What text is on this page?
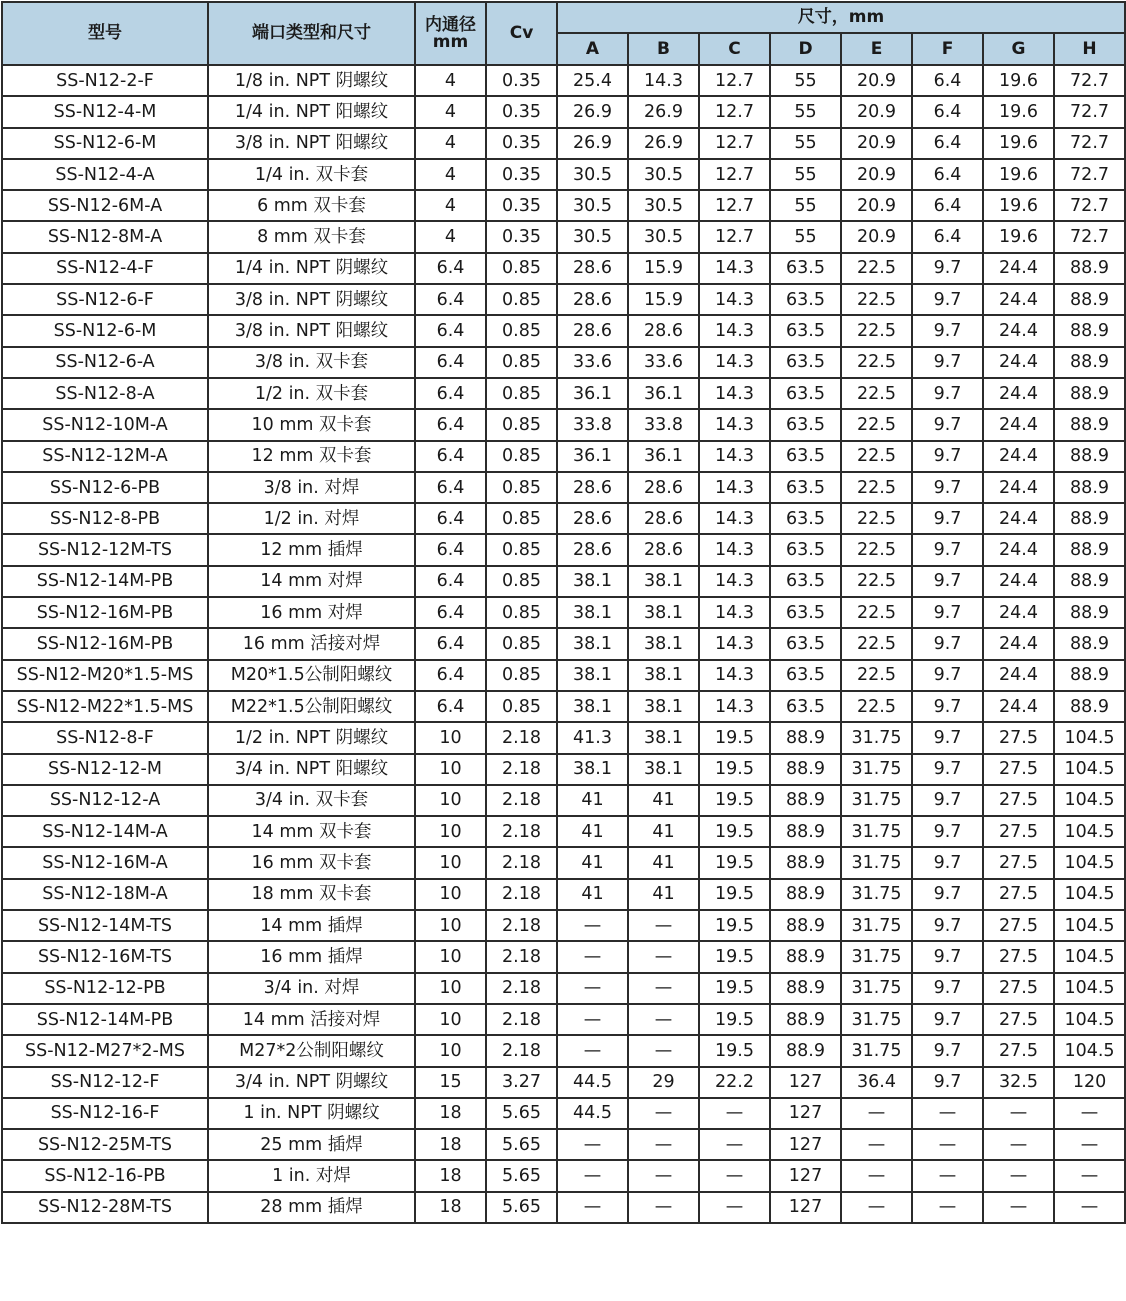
型号	端口类型和尺寸	内通径
mm	Cv	尺寸，mm							
				A	B	C	D	E	F	G	H
SS-N12-2-F	1/8 in. NPT 阴螺纹	4	0.35	25.4	14.3	12.7	55	20.9	6.4	19.6	72.7
SS-N12-4-M	1/4 in. NPT 阳螺纹	4	0.35	26.9	26.9	12.7	55	20.9	6.4	19.6	72.7
SS-N12-6-M	3/8 in. NPT 阳螺纹	4	0.35	26.9	26.9	12.7	55	20.9	6.4	19.6	72.7
SS-N12-4-A	1/4 in. 双卡套	4	0.35	30.5	30.5	12.7	55	20.9	6.4	19.6	72.7
SS-N12-6M-A	6 mm 双卡套	4	0.35	30.5	30.5	12.7	55	20.9	6.4	19.6	72.7
SS-N12-8M-A	8 mm 双卡套	4	0.35	30.5	30.5	12.7	55	20.9	6.4	19.6	72.7
SS-N12-4-F	1/4 in. NPT 阴螺纹	6.4	0.85	28.6	15.9	14.3	63.5	22.5	9.7	24.4	88.9
SS-N12-6-F	3/8 in. NPT 阴螺纹	6.4	0.85	28.6	15.9	14.3	63.5	22.5	9.7	24.4	88.9
SS-N12-6-M	3/8 in. NPT 阳螺纹	6.4	0.85	28.6	28.6	14.3	63.5	22.5	9.7	24.4	88.9
SS-N12-6-A	3/8 in. 双卡套	6.4	0.85	33.6	33.6	14.3	63.5	22.5	9.7	24.4	88.9
SS-N12-8-A	1/2 in. 双卡套	6.4	0.85	36.1	36.1	14.3	63.5	22.5	9.7	24.4	88.9
SS-N12-10M-A	10 mm 双卡套	6.4	0.85	33.8	33.8	14.3	63.5	22.5	9.7	24.4	88.9
SS-N12-12M-A	12 mm 双卡套	6.4	0.85	36.1	36.1	14.3	63.5	22.5	9.7	24.4	88.9
SS-N12-6-PB	3/8 in. 对焊	6.4	0.85	28.6	28.6	14.3	63.5	22.5	9.7	24.4	88.9
SS-N12-8-PB	1/2 in. 对焊	6.4	0.85	28.6	28.6	14.3	63.5	22.5	9.7	24.4	88.9
SS-N12-12M-TS	12 mm 插焊	6.4	0.85	28.6	28.6	14.3	63.5	22.5	9.7	24.4	88.9
SS-N12-14M-PB	14 mm 对焊	6.4	0.85	38.1	38.1	14.3	63.5	22.5	9.7	24.4	88.9
SS-N12-16M-PB	16 mm 对焊	6.4	0.85	38.1	38.1	14.3	63.5	22.5	9.7	24.4	88.9
SS-N12-16M-PB	16 mm 活接对焊	6.4	0.85	38.1	38.1	14.3	63.5	22.5	9.7	24.4	88.9
SS-N12-M20*1.5-MS	M20*1.5公制阳螺纹	6.4	0.85	38.1	38.1	14.3	63.5	22.5	9.7	24.4	88.9
SS-N12-M22*1.5-MS	M22*1.5公制阳螺纹	6.4	0.85	38.1	38.1	14.3	63.5	22.5	9.7	24.4	88.9
SS-N12-8-F	1/2 in. NPT 阴螺纹	10	2.18	41.3	38.1	19.5	88.9	31.75	9.7	27.5	104.5
SS-N12-12-M	3/4 in. NPT 阳螺纹	10	2.18	38.1	38.1	19.5	88.9	31.75	9.7	27.5	104.5
SS-N12-12-A	3/4 in. 双卡套	10	2.18	41	41	19.5	88.9	31.75	9.7	27.5	104.5
SS-N12-14M-A	14 mm 双卡套	10	2.18	41	41	19.5	88.9	31.75	9.7	27.5	104.5
SS-N12-16M-A	16 mm 双卡套	10	2.18	41	41	19.5	88.9	31.75	9.7	27.5	104.5
SS-N12-18M-A	18 mm 双卡套	10	2.18	41	41	19.5	88.9	31.75	9.7	27.5	104.5
SS-N12-14M-TS	14 mm 插焊	10	2.18	—	—	19.5	88.9	31.75	9.7	27.5	104.5
SS-N12-16M-TS	16 mm 插焊	10	2.18	—	—	19.5	88.9	31.75	9.7	27.5	104.5
SS-N12-12-PB	3/4 in. 对焊	10	2.18	—	—	19.5	88.9	31.75	9.7	27.5	104.5
SS-N12-14M-PB	14 mm 活接对焊	10	2.18	—	—	19.5	88.9	31.75	9.7	27.5	104.5
SS-N12-M27*2-MS	M27*2公制阳螺纹	10	2.18	—	—	19.5	88.9	31.75	9.7	27.5	104.5
SS-N12-12-F	3/4 in. NPT 阴螺纹	15	3.27	44.5	29	22.2	127	36.4	9.7	32.5	120
SS-N12-16-F	1 in. NPT 阴螺纹	18	5.65	44.5	—	—	127	—	—	—	—
SS-N12-25M-TS	25 mm 插焊	18	5.65	—	—	—	127	—	—	—	—
SS-N12-16-PB	1 in. 对焊	18	5.65	—	—	—	127	—	—	—	—
SS-N12-28M-TS	28 mm 插焊	18	5.65	—	—	—	127	—	—	—	—
